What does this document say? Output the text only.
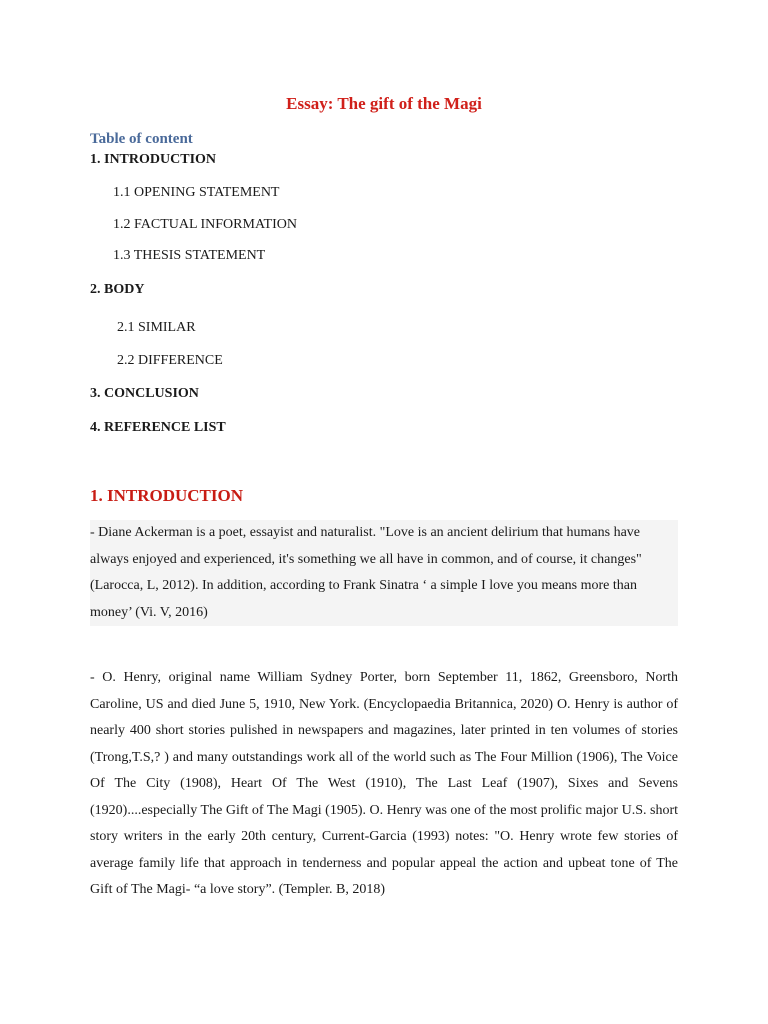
Essay: The gift of the Magi
Table of content
1. INTRODUCTION
1.1 OPENING STATEMENT
1.2 FACTUAL INFORMATION
1.3 THESIS STATEMENT
2. BODY
2.1 SIMILAR
2.2 DIFFERENCE
3. CONCLUSION
4. REFERENCE LIST
1. INTRODUCTION

- Diane Ackerman is a poet, essayist and naturalist. "Love is an ancient delirium that humans have always enjoyed and experienced, it's something we all have in common, and of course, it changes" (Larocca, L, 2012). In addition, according to Frank Sinatra ‘ a simple I love you means more than money’ (Vi. V, 2016)

- O. Henry, original name William Sydney Porter, born September 11, 1862, Greensboro, North Caroline, US and died June 5, 1910, New York. (Encyclopaedia Britannica, 2020) O. Henry is author of nearly 400 short stories pulished in newspapers and magazines, later printed in ten volumes of stories (Trong,T.S,? ) and many outstandings work all of the world such as The Four Million (1906), The Voice Of The City (1908), Heart Of The West (1910), The Last Leaf (1907), Sixes and Sevens (1920)....especially The Gift of The Magi (1905). O. Henry was one of the most prolific major U.S. short story writers in the early 20th century, Current-Garcia (1993) notes: "O. Henry wrote few stories of average family life that approach in tenderness and popular appeal the action and upbeat tone of The Gift of The Magi- “a love story”. (Templer. B, 2018)
